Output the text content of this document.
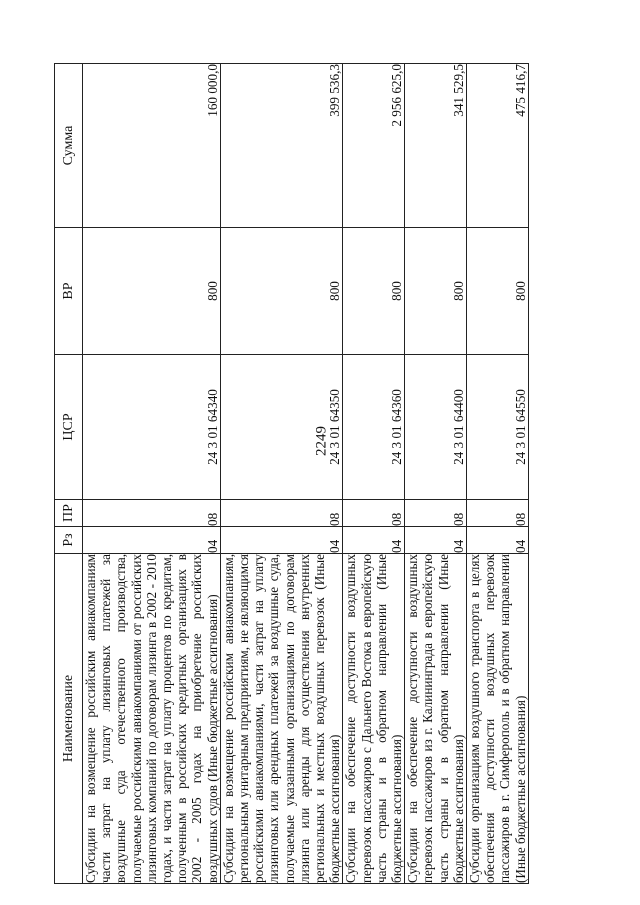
2249
Наименование	Рз	ПР	ЦСР	ВР	Сумма
Субсидии на возмещение российским авиакомпаниям части затрат на уплату лизинговых платежей за воздушные суда отечественного производства, получаемые российскими авиакомпаниями от российских лизинговых компаний по договорам лизинга в 2002 - 2010 годах, и части затрат на уплату процентов по кредитам, полученным в российских кредитных организациях в 2002 - 2005 годах на приобретение российских воздушных судов (Иные бюджетные ассигнования)	04	08	24 3 01 64340	800	160 000,0
Субсидии на возмещение российским авиакомпаниям, региональным унитарным предприятиям, не являющимся российскими авиакомпаниями, части затрат на уплату лизинговых или арендных платежей за воздушные суда, получаемые указанными организациями по договорам лизинга или аренды для осуществления внутренних региональных и местных воздушных перевозок (Иные бюджетные ассигнования)	04	08	24 3 01 64350	800	399 536,3
Субсидии на обеспечение доступности воздушных перевозок пассажиров с Дальнего Востока в европейскую часть страны и в обратном направлении (Иные бюджетные ассигнования)	04	08	24 3 01 64360	800	2 956 625,0
Субсидии на обеспечение доступности воздушных перевозок пассажиров из г. Калининграда в европейскую часть страны и в обратном направлении (Иные бюджетные ассигнования)	04	08	24 3 01 64400	800	341 529,5
Субсидии организациям воздушного транспорта в целях обеспечения доступности воздушных перевозок пассажиров в г. Симферополь и в обратном направлении (Иные бюджетные ассигнования)	04	08	24 3 01 64550	800	475 416,7
